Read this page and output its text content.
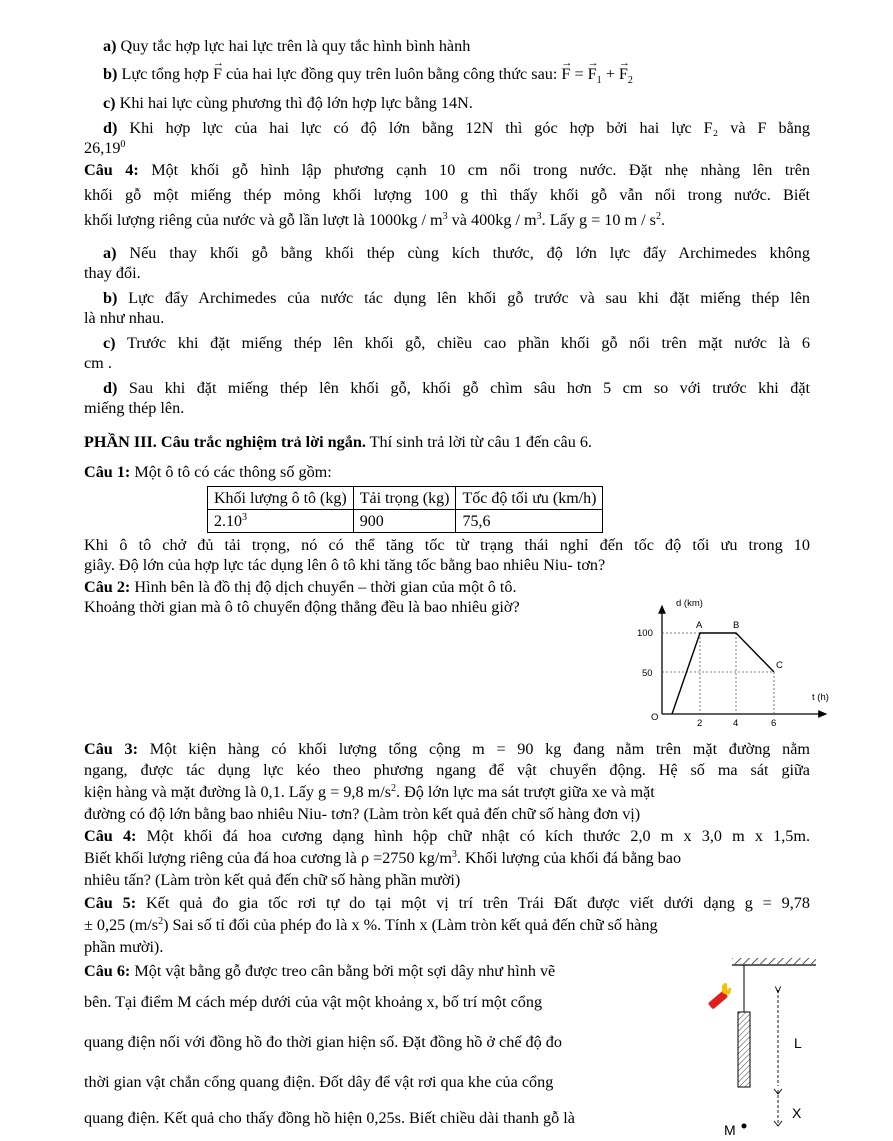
a) Quy tắc hợp lực hai lực trên là quy tắc hình bình hành
b) Lực tổng hợp → F của hai lực đồng quy trên luôn bằng công thức sau: → F = → $F_1$ + → $F_2$
c) Khi hai lực cùng phương thì độ lớn hợp lực bằng 14N.
d) Khi hợp lực của hai lực có độ lớn bằng 12N thì góc hợp bởi hai lực F₂ và F bằng
26,19$^0$
Câu 4: Một khối gỗ hình lập phương cạnh 10 cm nổi trong nước. Đặt nhẹ nhàng lên trên
khối gỗ một miếng thép mỏng khối lượng 100 g thì thấy khối gỗ vẫn nổi trong nước. Biết
khối lượng riêng của nước và gỗ lần lượt là $1000kg / m^3$ và $400kg / m^3$. Lấy g = 10 m / $s^2$.
a) Nếu thay khối gỗ bằng khối thép cùng kích thước, độ lớn lực đẩy Archimedes không
thay đổi.
b) Lực đẩy Archimedes của nước tác dụng lên khối gỗ trước và sau khi đặt miếng thép lên
là như nhau.
c) Trước khi đặt miếng thép lên khối gỗ, chiều cao phần khối gỗ nổi trên mặt nước là 6
cm .
d) Sau khi đặt miếng thép lên khối gỗ, khối gỗ chìm sâu hơn 5 cm so với trước khi đặt
miếng thép lên.
PHẦN III. Câu trắc nghiệm trả lời ngắn. Thí sinh trả lời từ câu 1 đến câu 6.
Câu 1: Một ô tô có các thông số gồm:
Khối lượng ô tô (kg)	Tải trọng (kg)	Tốc độ tối ưu (km/h)
2.10$^3$	900	75,6
Khi ô tô chở đủ tải trọng, nó có thể tăng tốc từ trạng thái nghỉ đến tốc độ tối ưu trong 10
giây. Độ lớn của hợp lực tác dụng lên ô tô khi tăng tốc bằng bao nhiêu Niu- tơn?
Câu 2: Hình bên là đồ thị độ dịch chuyển – thời gian của một ô tô.
Khoảng thời gian mà ô tô chuyển động thẳng đều là bao nhiêu giờ?	d (km)
t (h)
100
50
O
2	4	6
A	B
C
Câu 3: Một kiện hàng có khối lượng tổng cộng m = 90 kg đang nằm trên mặt đường nằm
ngang, được tác dụng lực kéo theo phương ngang để vật chuyển động. Hệ số ma sát giữa
kiện hàng và mặt đường là 0,1. Lấy g = 9,8 $m/s^2$. Độ lớn lực ma sát trượt giữa xe và mặt
đường có độ lớn bằng bao nhiêu Niu- tơn? (Làm tròn kết quả đến chữ số hàng đơn vị)
Câu 4: Một khối đá hoa cương dạng hình hộp chữ nhật có kích thước 2,0 m x 3,0 m x 1,5m.
Biết khối lượng riêng của đá hoa cương là ρ =2750 $kg/m^3$. Khối lượng của khối đá bằng bao
nhiêu tấn? (Làm tròn kết quả đến chữ số hàng phần mười)
Câu 5: Kết quả đo gia tốc rơi tự do tại một vị trí trên Trái Đất được viết dưới dạng g = 9,78
± 0,25 $(m/s^2)$ Sai số tỉ đối của phép đo là x %. Tính x (Làm tròn kết quả đến chữ số hàng
phần mười).
Câu 6: Một vật bằng gỗ được treo cân bằng bởi một sợi dây như hình vẽ
bên. Tại điểm M cách mép dưới của vật một khoảng x, bố trí một cổng
quang điện nối với đồng hồ đo thời gian hiện số. Đặt đồng hồ ở chế độ đo
thời gian vật chắn cổng quang điện. Đốt dây để vật rơi qua khe của cổng
quang điện. Kết quả cho thấy đồng hồ hiện 0,25s. Biết chiều dài thanh gỗ là
L
X
M
